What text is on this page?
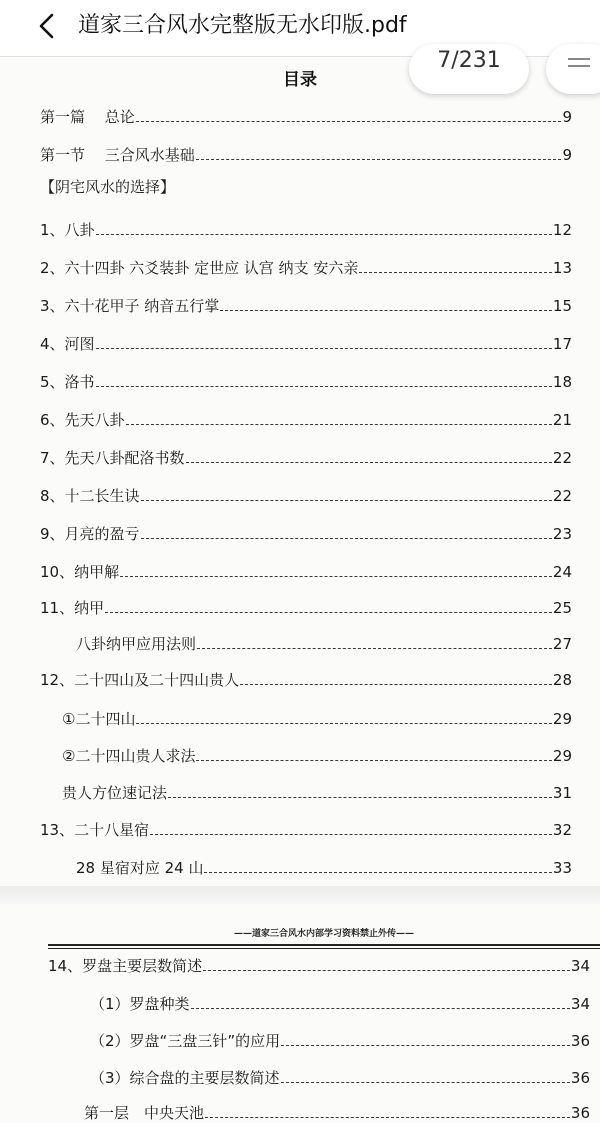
道家三合风水完整版无水印版.pdf
7/231
目录
第一篇　 总论	9
第一节　 三合风水基础	9
【阴宅风水的选择】
1、八卦	12
2、六十四卦 六爻装卦 定世应 认宫 纳支 安六亲	13
3、六十花甲子 纳音五行掌	15
4、河图	17
5、洛书	18
6、先天八卦	21
7、先天八卦配洛书数	22
8、十二长生诀	22
9、月亮的盈亏	23
10、纳甲解	24
11、纳甲	25
八卦纳甲应用法则	27
12、二十四山及二十四山贵人	28
①二十四山	29
②二十四山贵人求法	29
贵人方位速记法	31
13、二十八星宿	32
28 星宿对应 24 山	33
——道家三合风水内部学习资料禁止外传——
14、罗盘主要层数简述	34
（1）罗盘种类	34
（2）罗盘“三盘三针”的应用	36
（3）综合盘的主要层数简述	36
第一层　中央天池	36
